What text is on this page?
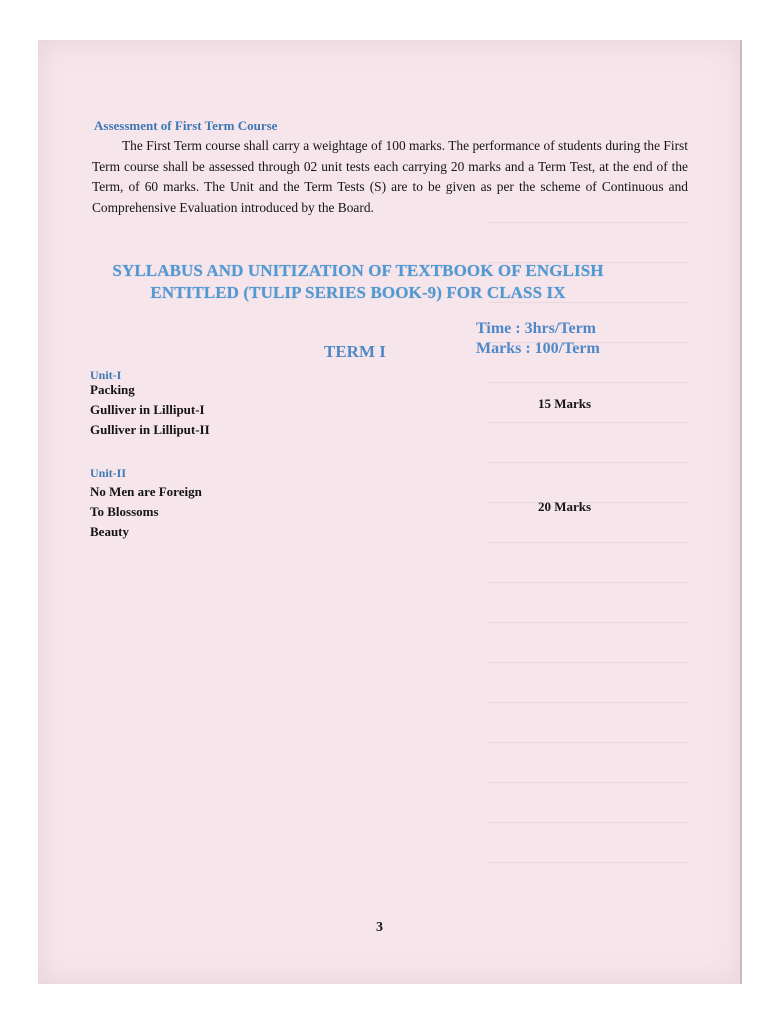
Assessment of First Term Course
The First Term course shall carry a weightage of 100 marks. The performance of students during the First Term course shall be assessed through 02 unit tests each carrying 20 marks and a Term Test, at the end of the Term, of 60 marks. The Unit and the Term Tests (S) are to be given as per the scheme of Continuous and Comprehensive Evaluation introduced by the Board.
SYLLABUS AND UNITIZATION OF TEXTBOOK OF ENGLISH
ENTITLED (TULIP SERIES BOOK-9) FOR CLASS IX
Time : 3hrs/Term
Marks : 100/Term
TERM I
Unit-I
Packing
Gulliver in Lilliput-I
Gulliver in Lilliput-II
15 Marks
Unit-II
No Men are Foreign
To Blossoms
Beauty
20 Marks
3
